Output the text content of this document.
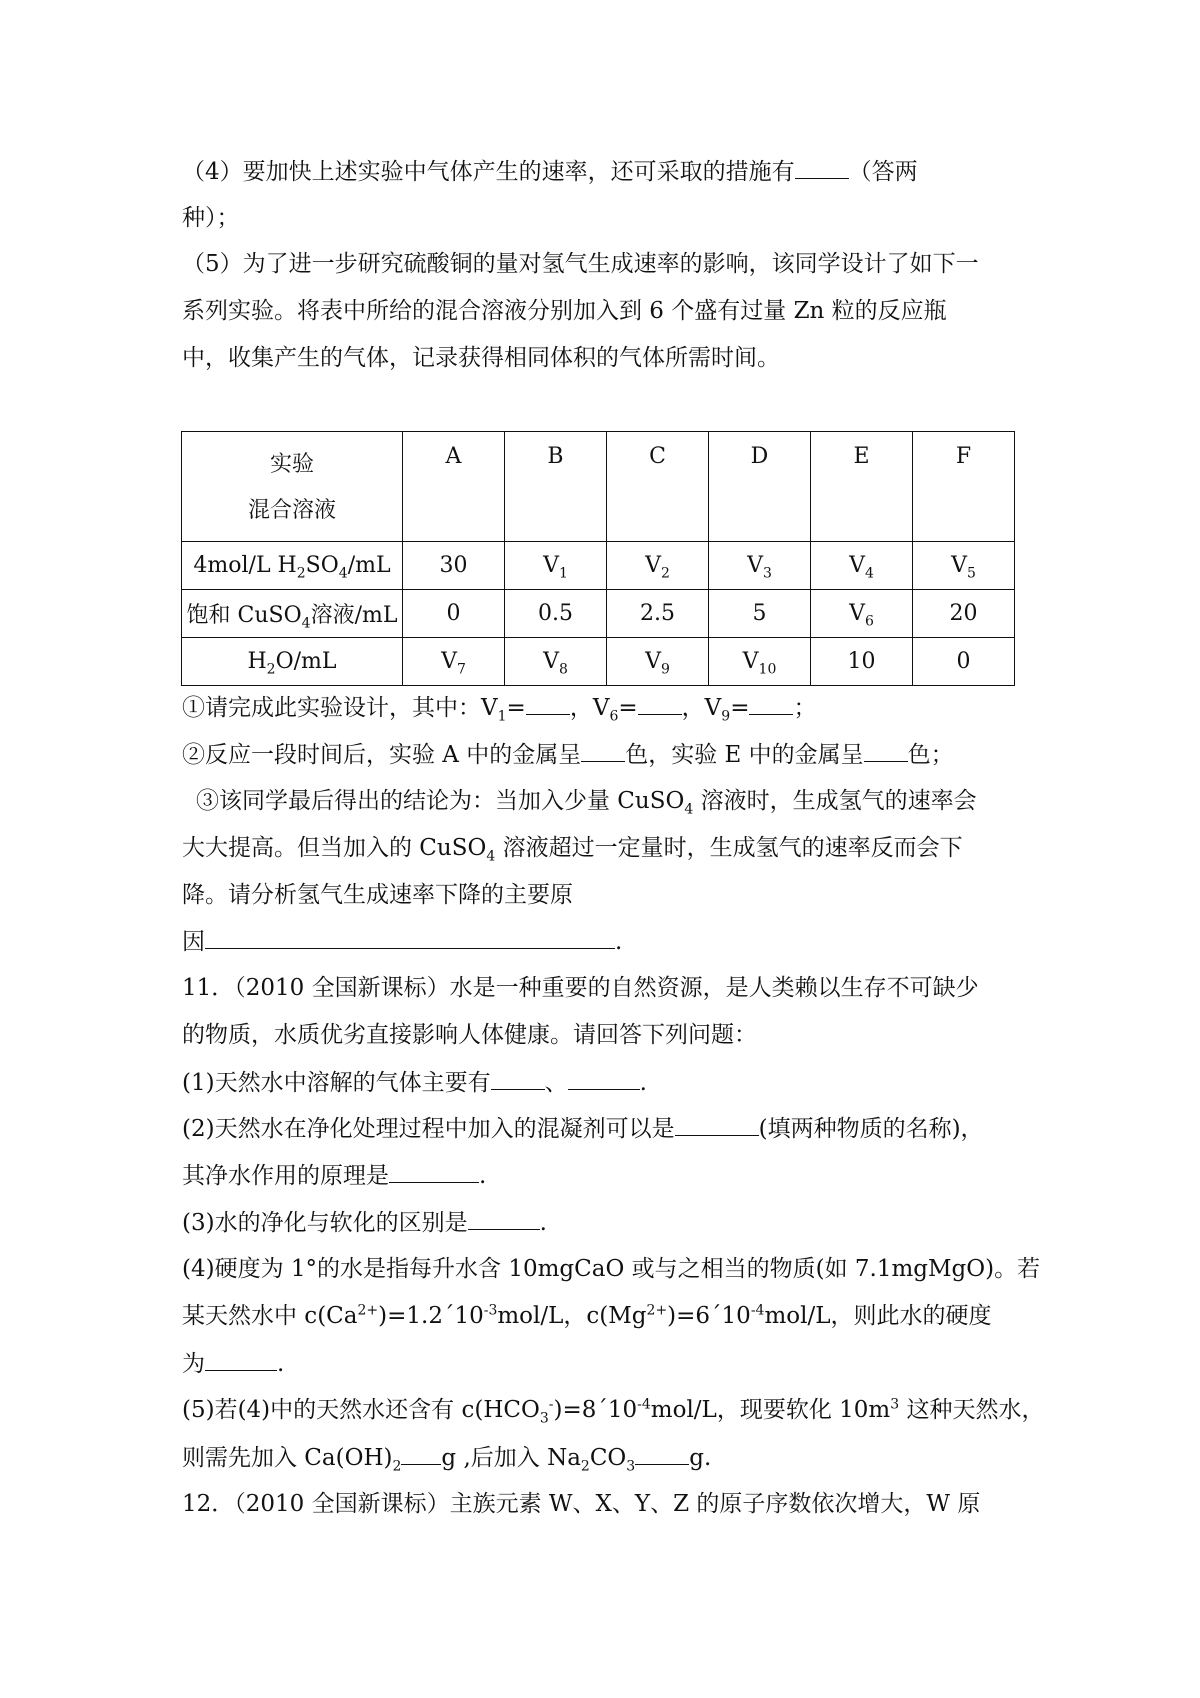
（4）要加快上述实验中气体产生的速率，还可采取的措施有 （答两
种）；
（5）为了进一步研究硫酸铜的量对氢气生成速率的影响，该同学设计了如下一
系列实验。将表中所给的混合溶液分别加入到 6 个盛有过量 Zn 粒的反应瓶
中，收集产生的气体，记录获得相同体积的气体所需时间。
实验
混合溶液	A	B	C	D	E	F
4mol/L $H_2SO_4/mL$	30	$V_1$	$V_2$	$V_3$	$V_4$	$V_5$
饱和 CuSO$_4$溶液/mL	0	0.5	2.5	5	$V_6$	20
$H_2O/mL$	$V_7$	$V_8$	$V_9$	$V_{10}$	10	0
①请完成此实验设计，其中：$V_1=$ ，$V_6=$ ，$V_9=$ ；
②反应一段时间后，实验 A 中的金属呈 色，实验 E 中的金属呈 色；
③该同学最后得出的结论为：当加入少量 CuSO$_4$ 溶液时，生成氢气的速率会
大大提高。但当加入的 CuSO$_4$ 溶液超过一定量时，生成氢气的速率反而会下
降。请分析氢气生成速率下降的主要原
因	.
11．（2010 全国新课标）水是一种重要的自然资源，是人类赖以生存不可缺少
的物质，水质优劣直接影响人体健康。请回答下列问题：
(1)天然水中溶解的气体主要有 、	.
(2)天然水在净化处理过程中加入的混凝剂可以是	(填两种物质的名称)，
其净水作用的原理是	.
(3)水的净化与软化的区别是	.
(4)硬度为 1°的水是指每升水含 10mgCaO 或与之相当的物质(如 7.1mgMgO)。若
某天然水中 $c(Ca^{2+})=1.2´10^{-3}mol/L$，$c(Mg^{2+})=6´10^{-4}mol/L$，则此水的硬度
为	.
(5)若(4)中的天然水还含有 $c(HCO_3^-)=8´10^{-4}mol/L$，现要软化 $10m^3$ 这种天然水，
则需先加入 $Ca(OH)_2$ g ,后加入 $Na_2CO_3$ g.
12．（2010 全国新课标）主族元素 W、X、Y、Z 的原子序数依次增大，W 原
